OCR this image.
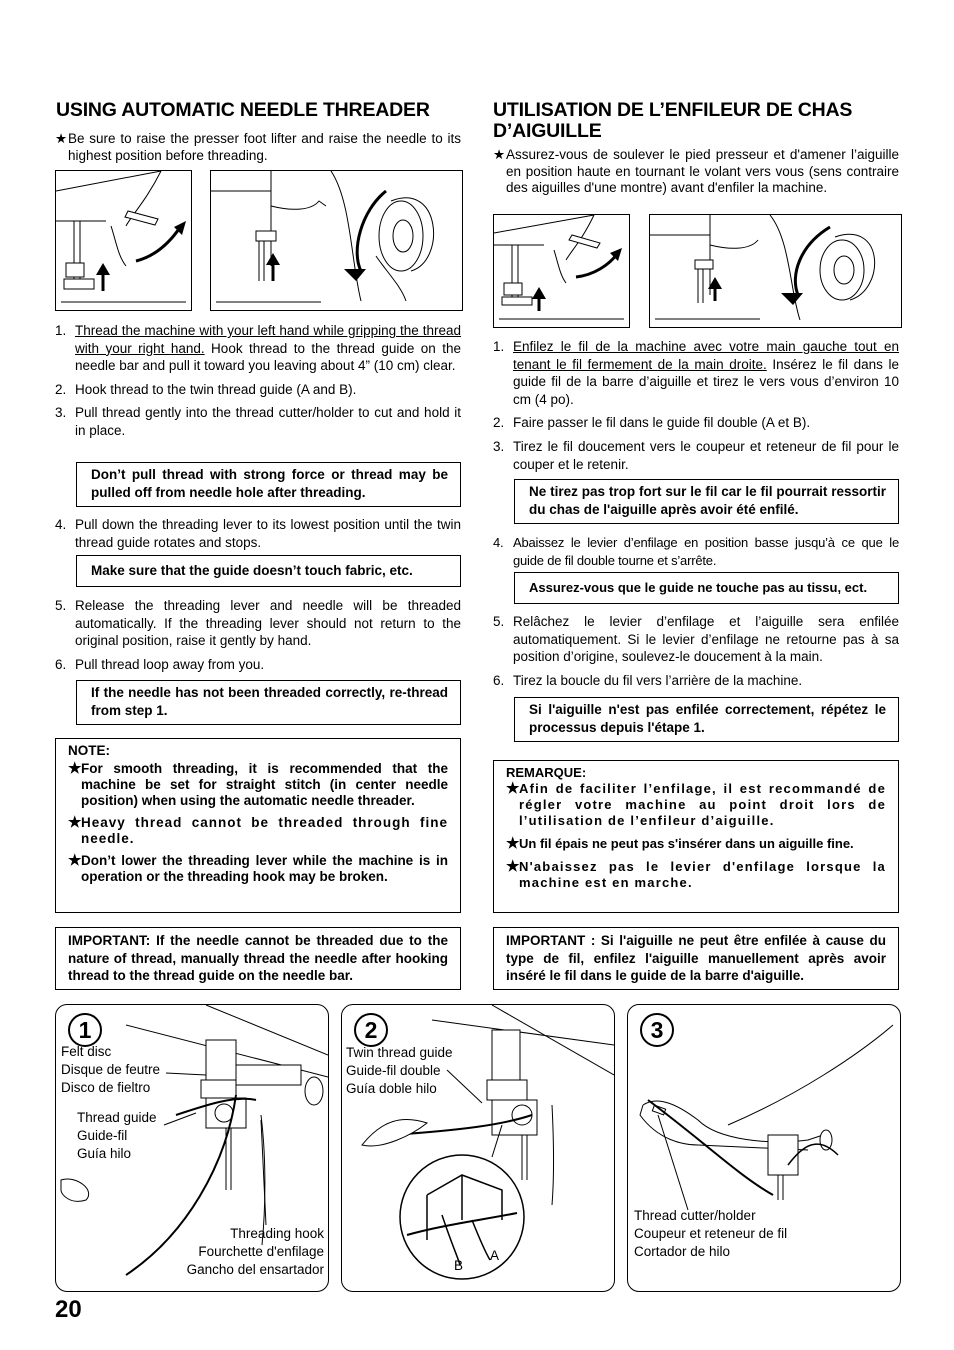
USING AUTOMATIC NEEDLE THREADER
★ Be sure to raise the presser foot lifter and raise the needle to its highest position before threading.
1. Thread the machine with your left hand while gripping the thread with your right hand. Hook thread to the thread guide on the needle bar and pull it toward you leaving about 4” (10 cm) clear.
2. Hook thread to the twin thread guide (A and B).
3. Pull thread gently into the thread cutter/holder to cut and hold it in place.
Don’t pull thread with strong force or thread may be pulled off from needle hole after threading.
4. Pull down the threading lever to its lowest position until the twin thread guide rotates and stops.
Make sure that the guide doesn’t touch fabric, etc.
5. Release the threading lever and needle will be threaded automatically. If the threading lever should not return to the original position, raise it gently by hand.
6. Pull thread loop away from you.
If the needle has not been threaded correctly, re-thread from step 1.
NOTE:
★ For smooth threading, it is recommended that the machine be set for straight stitch (in center needle position) when using the automatic needle threader.
★
Heavy thread cannot be threaded through fine needle.
★ Don’t lower the threading lever while the machine is in operation or the threading hook may be broken.
IMPORTANT: If the needle cannot be threaded due to the nature of thread, manually thread the needle after hooking thread to the thread guide on the needle bar.
UTILISATION DE L’ENFILEUR DE CHAS D’AIGUILLE
★ Assurez-vous de soulever le pied presseur et d'amener l’aiguille en position haute en tournant le volant vers vous (sens contraire des aiguilles d'une montre) avant d'enfiler la machine.
1. Enfilez le fil de la machine avec votre main gauche tout en tenant le fil fermement de la main droite. Insérez le fil dans le guide fil de la barre d’aiguille et tirez le vers vous d’environ 10 cm (4 po).
2. Faire passer le fil dans le guide fil double (A et B).
3. Tirez le fil doucement vers le coupeur et reteneur de fil pour le couper et le retenir.
Ne tirez pas trop fort sur le fil car le fil pourrait ressortir du chas de l'aiguille après avoir été enfilé.
4. Abaissez le levier d’enfilage en position basse jusqu’à ce que le guide de fil double tourne et s’arrête.
Assurez-vous que le guide ne touche pas au tissu, ect.
5. Relâchez le levier d’enfilage et l’aiguille sera enfilée automatiquement. Si le levier d’enfilage ne retourne pas à sa position d’origine, soulevez-le doucement à la main.
6. Tirez la boucle du fil vers l’arrière de la machine.
Si l'aiguille n'est pas enfilée correctement, répétez le processus depuis l'étape 1.
REMARQUE:
★
Afin de faciliter l’enfilage, il est recommandé de régler votre machine au point droit lors de l’utilisation de l’enfileur d’aiguille.
★ Un fil épais ne peut pas s'insérer dans un aiguille fine.
★
N'abaissez pas le levier d'enfilage lorsque la machine est en marche.
IMPORTANT : Si l'aiguille ne peut être enfilée à cause du type de fil, enfilez l'aiguille manuellement après avoir inséré le fil dans le guide de la barre d'aiguille.
1
Felt disc
Disque de feutre
Disco de fieltro
Thread guide
Guide-fil
Guía hilo
Threading hook
Fourchette d'enfilage
Gancho del ensartador
2
Twin thread guide
Guide-fil double
Guía doble hilo
B
A
3
Thread cutter/holder
Coupeur et reteneur de fil
Cortador de hilo
20
